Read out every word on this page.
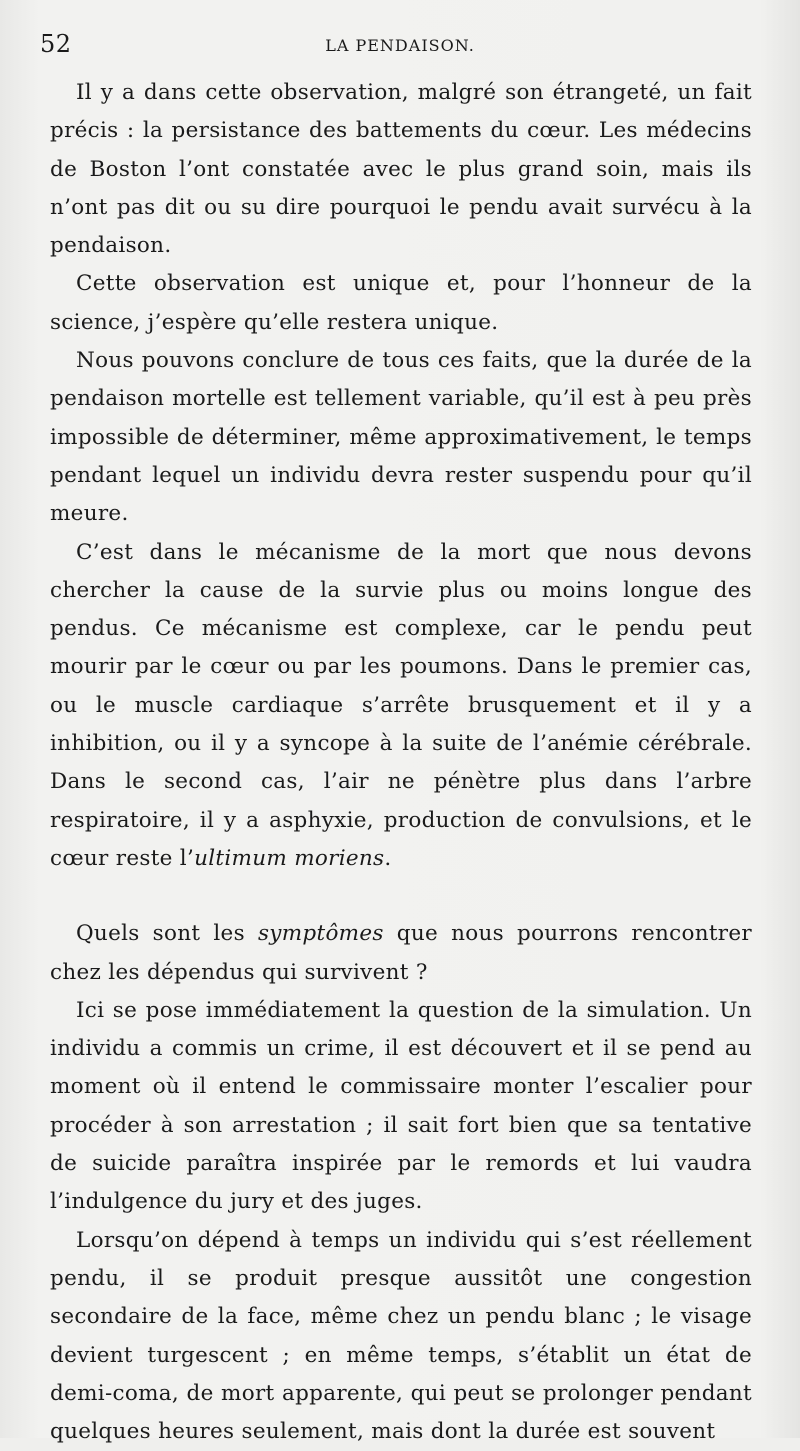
52	LA PENDAISON.

Il y a dans cette observation, malgré son étrangeté, un fait précis : la persistance des battements du cœur. Les médecins de Boston l’ont constatée avec le plus grand soin, mais ils n’ont pas dit ou su dire pourquoi le pendu avait survécu à la pendaison.

Cette observation est unique et, pour l’honneur de la science, j’espère qu’elle restera unique.

Nous pouvons conclure de tous ces faits, que la durée de la pendaison mortelle est tellement variable, qu’il est à peu près impossible de déterminer, même approximativement, le temps pendant lequel un individu devra rester suspendu pour qu’il meure.

C’est dans le mécanisme de la mort que nous devons chercher la cause de la survie plus ou moins longue des pendus. Ce mécanisme est complexe, car le pendu peut mourir par le cœur ou par les poumons. Dans le premier cas, ou le muscle cardiaque s’arrête brusquement et il y a inhibition, ou il y a syncope à la suite de l’anémie cérébrale. Dans le second cas, l’air ne pénètre plus dans l’arbre respiratoire, il y a asphyxie, production de convulsions, et le cœur reste l’ultimum moriens.

Quels sont les symptômes que nous pourrons rencontrer chez les dépendus qui survivent ?

Ici se pose immédiatement la question de la simulation. Un individu a commis un crime, il est découvert et il se pend au moment où il entend le commissaire monter l’escalier pour procéder à son arrestation ; il sait fort bien que sa tentative de suicide paraîtra inspirée par le remords et lui vaudra l’indulgence du jury et des juges.

Lorsqu’on dépend à temps un individu qui s’est réellement pendu, il se produit presque aussitôt une congestion secondaire de la face, même chez un pendu blanc ; le visage devient turgescent ; en même temps, s’établit un état de demi-coma, de mort apparente, qui peut se prolonger pendant quelques heures seulement, mais dont la durée est souvent
